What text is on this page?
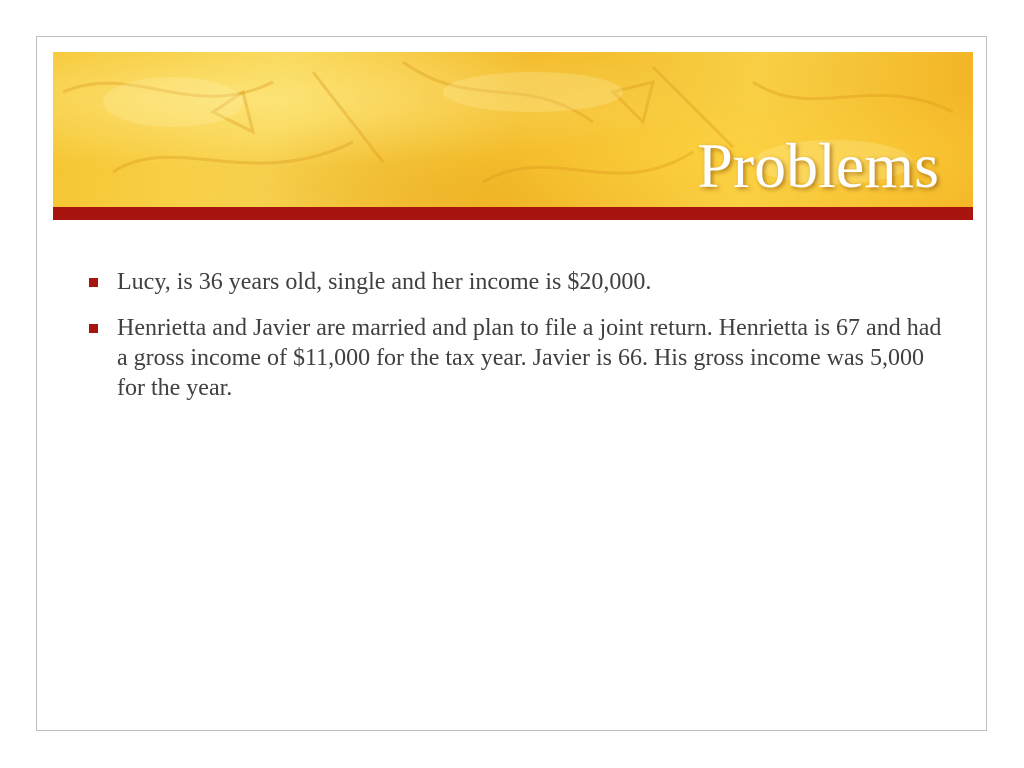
Problems
Lucy, is 36 years old, single and her income is $20,000.
Henrietta and Javier are married and plan to file a joint return. Henrietta is 67 and had a gross income of $11,000 for the tax year. Javier is 66. His gross income was 5,000 for the year.
